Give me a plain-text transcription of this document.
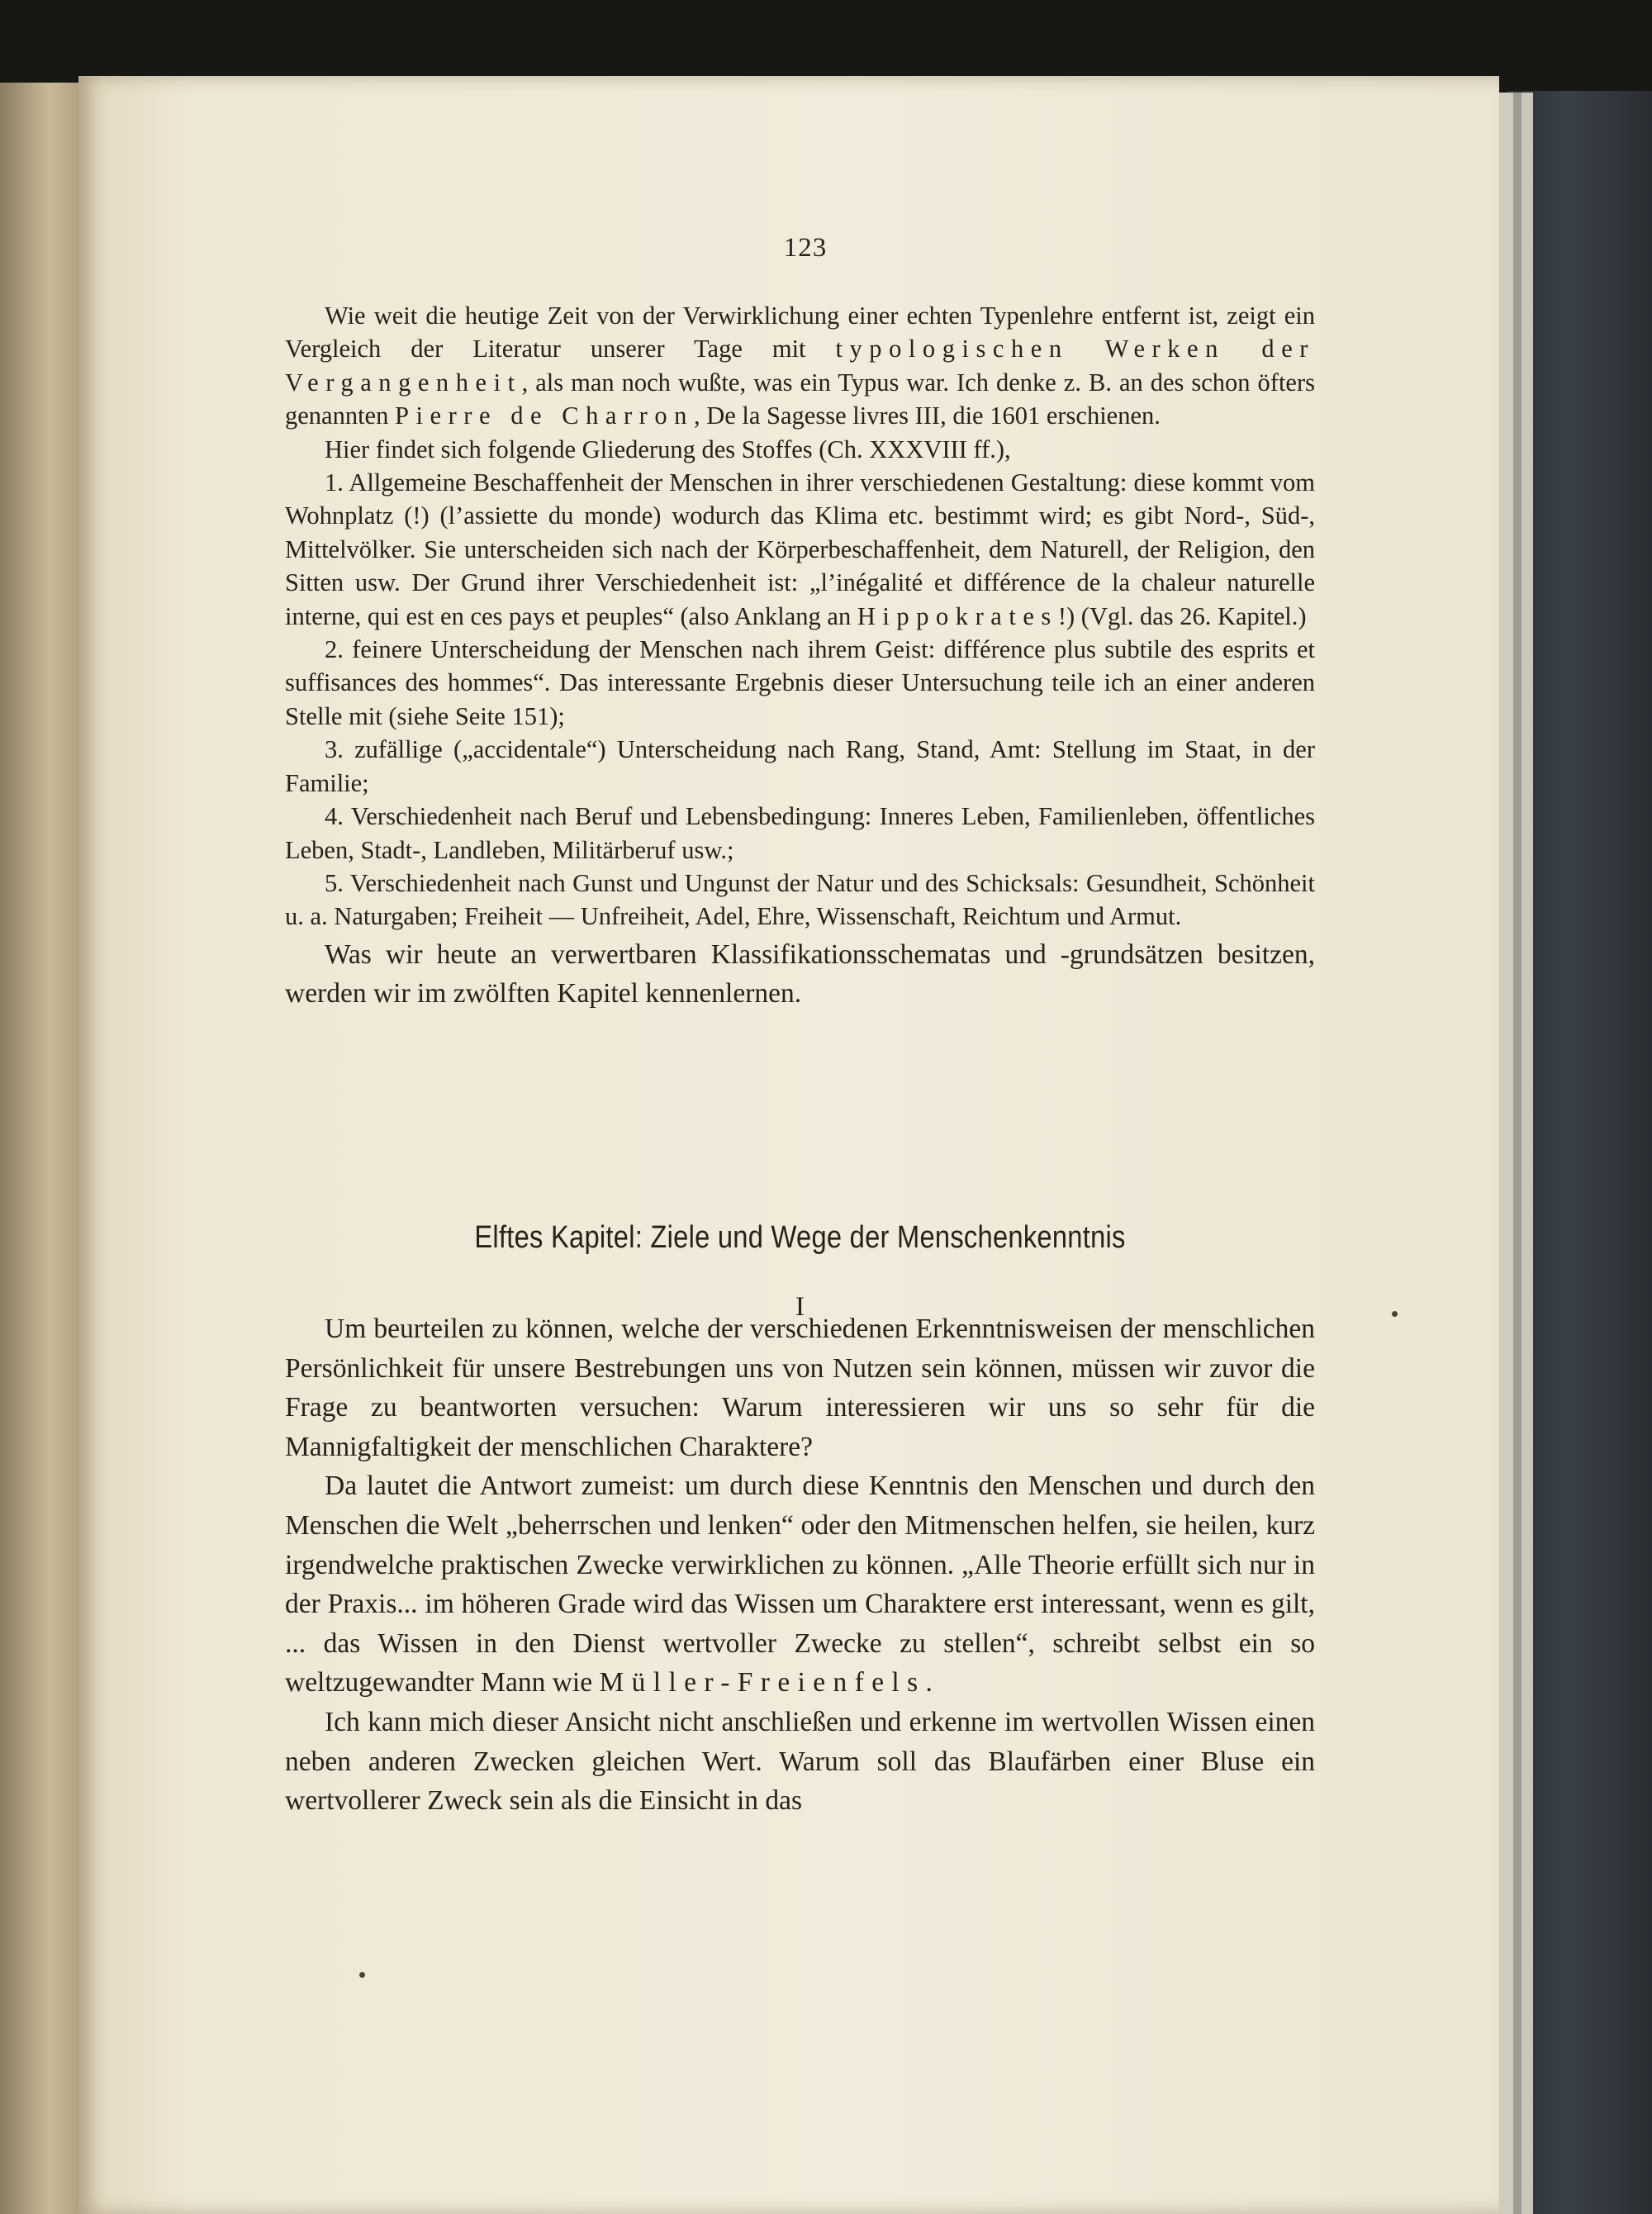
123

Wie weit die heutige Zeit von der Verwirklichung einer echten Typenlehre entfernt ist, zeigt ein Vergleich der Literatur unserer Tage mit typologischen Werken der Vergangenheit, als man noch wußte, was ein Typus war. Ich denke z. B. an des schon öfters genannten Pierre de Charron, De la Sagesse livres III, die 1601 erschienen.

Hier findet sich folgende Gliederung des Stoffes (Ch. XXXVIII ff.),

1. Allgemeine Beschaffenheit der Menschen in ihrer verschiedenen Gestaltung: diese kommt vom Wohnplatz (!) (l’assiette du monde) wodurch das Klima etc. bestimmt wird; es gibt Nord-, Süd-, Mittelvölker. Sie unterscheiden sich nach der Körperbeschaffenheit, dem Naturell, der Religion, den Sitten usw. Der Grund ihrer Verschiedenheit ist: „l’inégalité et différence de la chaleur naturelle interne, qui est en ces pays et peuples“ (also Anklang an Hippokrates!) (Vgl. das 26. Kapitel.)

2. feinere Unterscheidung der Menschen nach ihrem Geist: différence plus subtile des esprits et suffisances des hommes“. Das interessante Ergebnis dieser Untersuchung teile ich an einer anderen Stelle mit (siehe Seite 151);

3. zufällige („accidentale“) Unterscheidung nach Rang, Stand, Amt: Stellung im Staat, in der Familie;

4. Verschiedenheit nach Beruf und Lebensbedingung: Inneres Leben, Familienleben, öffentliches Leben, Stadt-, Landleben, Militärberuf usw.;

5. Verschiedenheit nach Gunst und Ungunst der Natur und des Schicksals: Gesundheit, Schönheit u. a. Naturgaben; Freiheit — Unfreiheit, Adel, Ehre, Wissenschaft, Reichtum und Armut.

Was wir heute an verwertbaren Klassifikationsschematas und -grundsätzen besitzen, werden wir im zwölften Kapitel kennenlernen.

Elftes Kapitel: Ziele und Wege der Menschenkenntnis
I

Um beurteilen zu können, welche der verschiedenen Erkenntnisweisen der menschlichen Persönlichkeit für unsere Bestrebungen uns von Nutzen sein können, müssen wir zuvor die Frage zu beantworten versuchen: Warum interessieren wir uns so sehr für die Mannigfaltigkeit der menschlichen Charaktere?

Da lautet die Antwort zumeist: um durch diese Kenntnis den Menschen und durch den Menschen die Welt „beherrschen und lenken“ oder den Mitmenschen helfen, sie heilen, kurz irgendwelche praktischen Zwecke verwirklichen zu können. „Alle Theorie erfüllt sich nur in der Praxis... im höheren Grade wird das Wissen um Charaktere erst interessant, wenn es gilt, ... das Wissen in den Dienst wertvoller Zwecke zu stellen“, schreibt selbst ein so weltzugewandter Mann wie Müller-Freienfels.

Ich kann mich dieser Ansicht nicht anschließen und erkenne im wertvollen Wissen einen neben anderen Zwecken gleichen Wert. Warum soll das Blaufärben einer Bluse ein wertvollerer Zweck sein als die Einsicht in das
